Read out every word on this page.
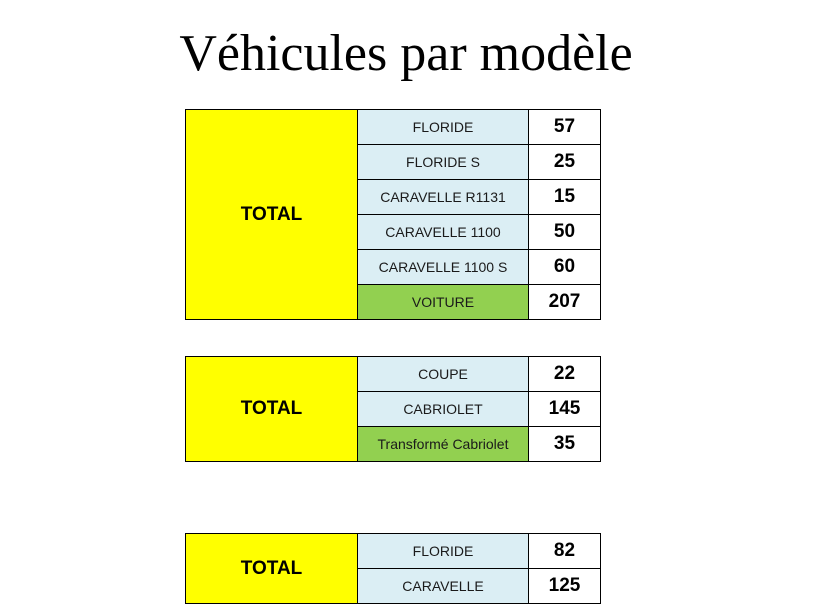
Véhicules par modèle
TOTAL	FLORIDE	57
	FLORIDE S	25
	CARAVELLE R1131	15
	CARAVELLE 1100	50
	CARAVELLE 1100 S	60
	VOITURE	207
TOTAL	COUPE	22
	CABRIOLET	145
	Transformé Cabriolet	35
TOTAL	FLORIDE	82
	CARAVELLE	125
